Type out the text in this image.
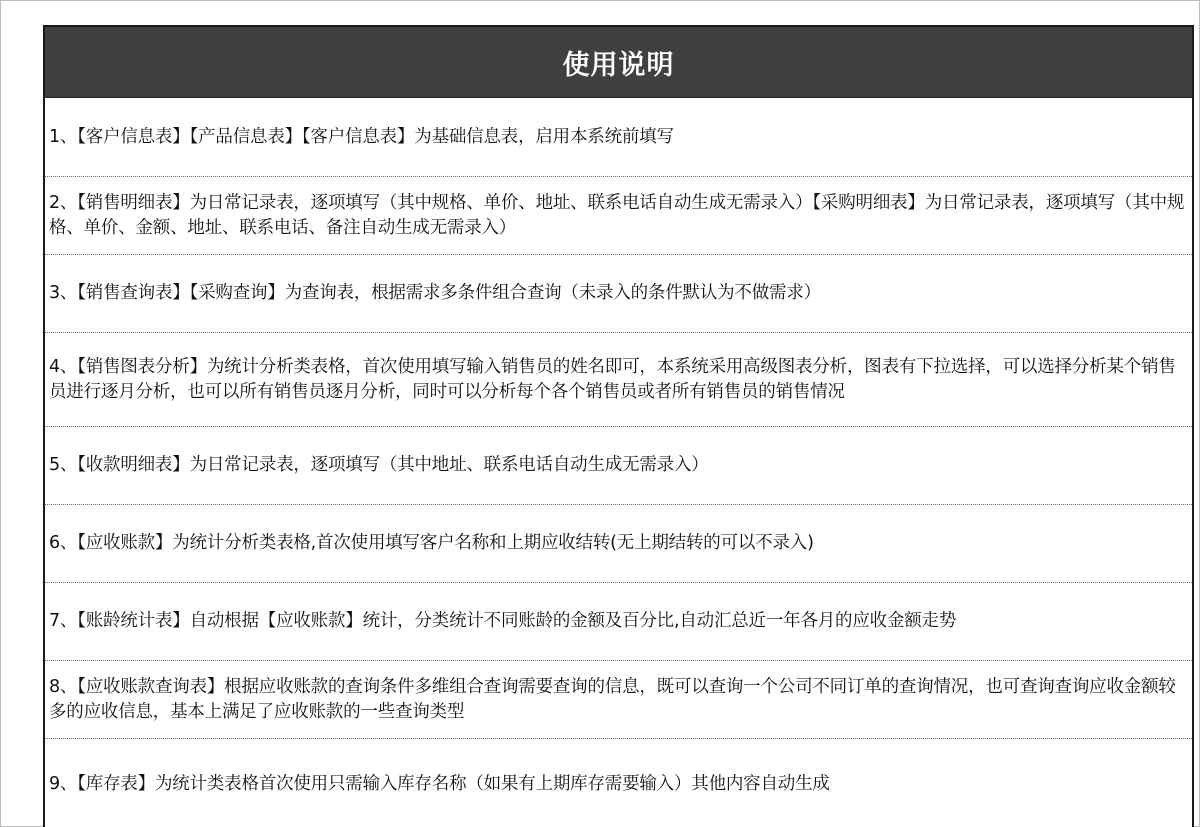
使用说明
1、【客户信息表】【产品信息表】【客户信息表】为基础信息表，启用本系统前填写
2、【销售明细表】为日常记录表，逐项填写（其中规格、单价、地址、联系电话自动生成无需录入）【采购明细表】为日常记录表，逐项填写（其中规格、单价、金额、地址、联系电话、备注自动生成无需录入）
3、【销售查询表】【采购查询】为查询表，根据需求多条件组合查询（未录入的条件默认为不做需求）
4、【销售图表分析】为统计分析类表格，首次使用填写输入销售员的姓名即可，本系统采用高级图表分析，图表有下拉选择，可以选择分析某个销售员进行逐月分析，也可以所有销售员逐月分析，同时可以分析每个各个销售员或者所有销售员的销售情况
5、【收款明细表】为日常记录表，逐项填写（其中地址、联系电话自动生成无需录入）
6、【应收账款】为统计分析类表格,首次使用填写客户名称和上期应收结转(无上期结转的可以不录入)
7、【账龄统计表】自动根据【应收账款】统计，分类统计不同账龄的金额及百分比,自动汇总近一年各月的应收金额走势
8、【应收账款查询表】根据应收账款的查询条件多维组合查询需要查询的信息，既可以查询一个公司不同订单的查询情况，也可查询查询应收金额较多的应收信息，基本上满足了应收账款的一些查询类型
9、【库存表】为统计类表格首次使用只需输入库存名称（如果有上期库存需要输入）其他内容自动生成
